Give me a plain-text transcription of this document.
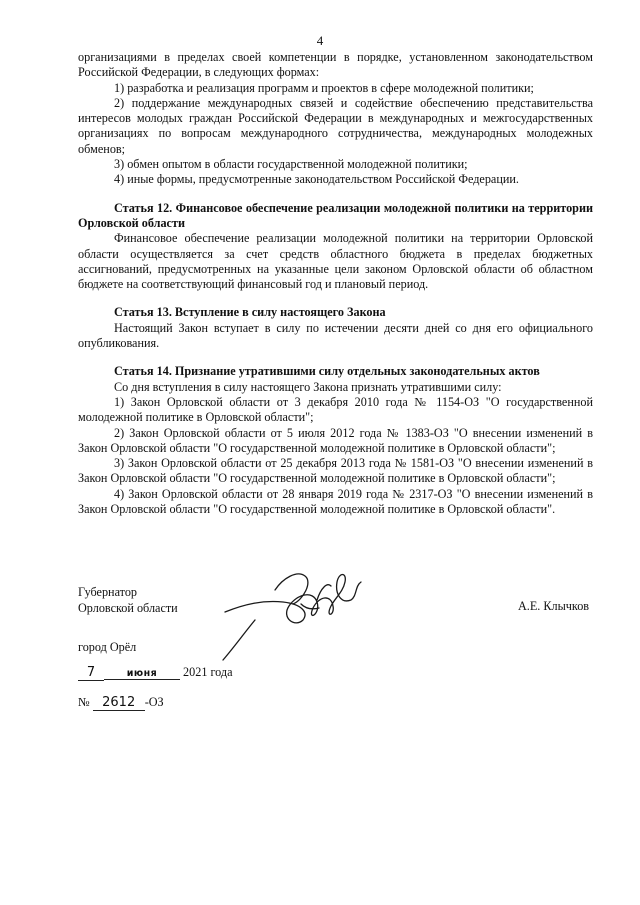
4

организациями в пределах своей компетенции в порядке, установленном законодательством Российской Федерации, в следующих формах:

1) разработка и реализация программ и проектов в сфере молодежной политики;

2) поддержание международных связей и содействие обеспечению представительства интересов молодых граждан Российской Федерации в международных и межгосударственных организациях по вопросам международного сотрудничества, международных молодежных обменов;

3) обмен опытом в области государственной молодежной политики;

4) иные формы, предусмотренные законодательством Российской Федерации.

Статья 12. Финансовое обеспечение реализации молодежной политики на территории Орловской области

Финансовое обеспечение реализации молодежной политики на территории Орловской области осуществляется за счет средств областного бюджета в пределах бюджетных ассигнований, предусмотренных на указанные цели законом Орловской области об областном бюджете на соответствующий финансовый год и плановый период.

Статья 13. Вступление в силу настоящего Закона

Настоящий Закон вступает в силу по истечении десяти дней со дня его официального опубликования.

Статья 14. Признание утратившими силу отдельных законодательных актов

Со дня вступления в силу настоящего Закона признать утратившими силу:

1) Закон Орловской области от 3 декабря 2010 года № 1154-ОЗ "О государственной молодежной политике в Орловской области";

2) Закон Орловской области от 5 июля 2012 года № 1383-ОЗ "О внесении изменений в Закон Орловской области "О государственной молодежной политике в Орловской области";

3) Закон Орловской области от 25 декабря 2013 года № 1581-ОЗ "О внесении изменений в Закон Орловской области "О государственной молодежной политике в Орловской области";

4) Закон Орловской области от 28 января 2019 года № 2317-ОЗ "О внесении изменений в Закон Орловской области "О государственной молодежной политике в Орловской области".

Губернатор
Орловской области	А.Е. Клычков
город Орёл
7	июня 2021 года
№ 2612 -ОЗ
